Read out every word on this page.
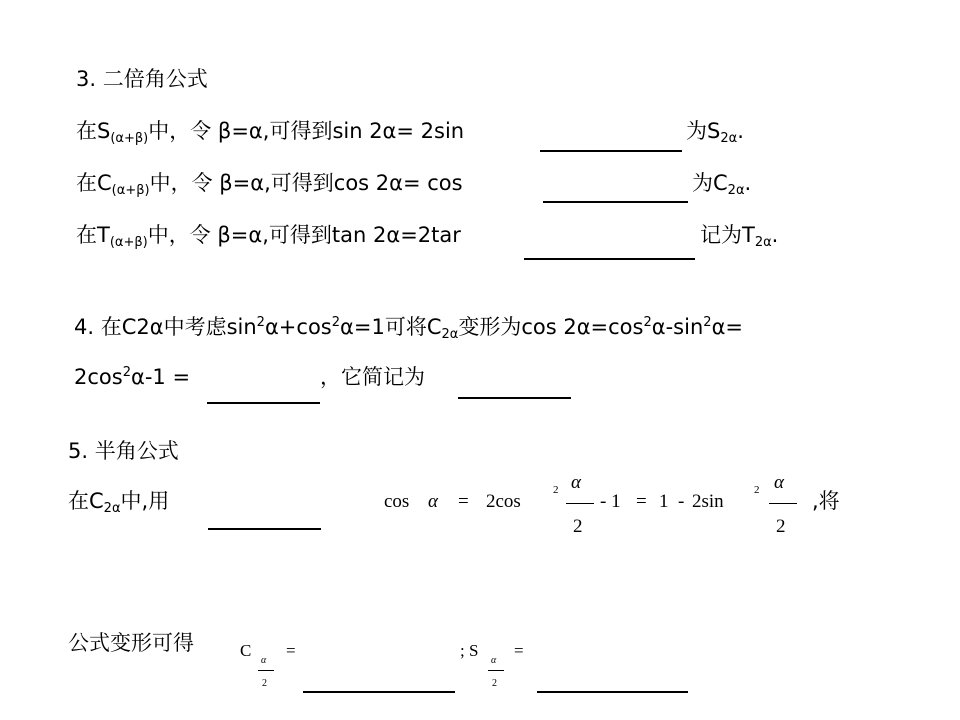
3. 二倍角公式
在$S_{(\alpha+\beta)}$中，令 β=α,可得到sin 2α= 2sin	为$S_{2\alpha}$.
在$C_{(\alpha+\beta)}$中，令 β=α,可得到cos 2α= cos	为$C_{2\alpha}$.
在$T_{(\alpha+\beta)}$中，令 β=α,可得到tan 2α=2tar	记为$T_{2\alpha}$.
4. 在C2α中考虑$\sin^2\alpha+\cos^2\alpha=1$可将$C_{2\alpha}$变形为$\cos 2\alpha=\cos^2\alpha-\sin^2\alpha=$
$2\cos^2\alpha-1$ =	，它简记为
5. 半角公式
在$C_{2\alpha}$中,用	cos α = 2cos
2 α
2
- 1 = 1 - 2sin
2 α
2
,将
公式变形可得	C
α
2
=	; S
α
2
=
